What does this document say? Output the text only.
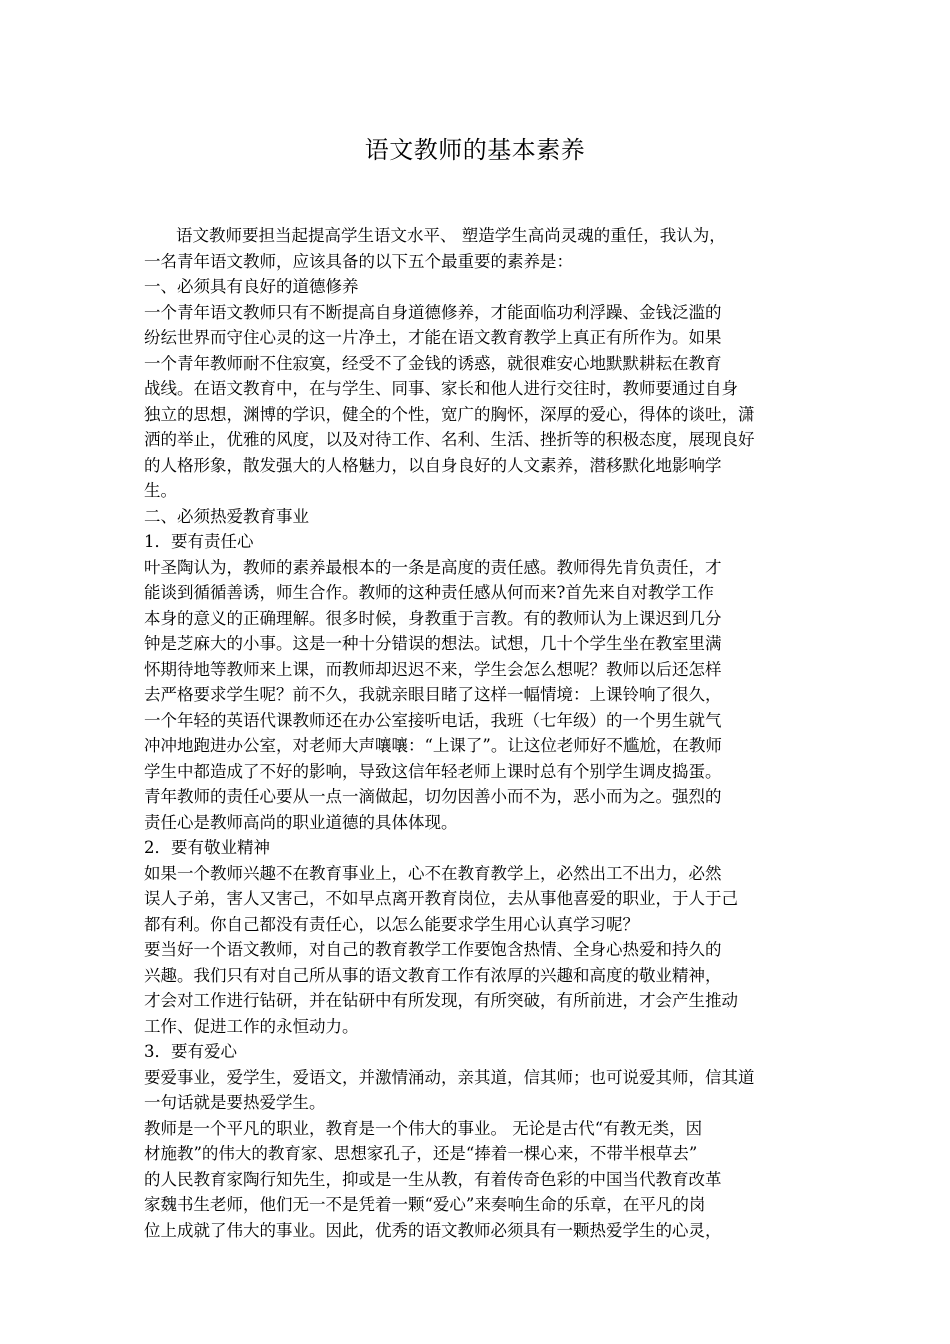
语文教师的基本素养
语文教师要担当起提高学生语文水平、 塑造学生高尚灵魂的重任，我认为，
一名青年语文教师，应该具备的以下五个最重要的素养是：
一、必须具有良好的道德修养
一个青年语文教师只有不断提高自身道德修养，才能面临功利浮躁、金钱泛滥的
纷纭世界而守住心灵的这一片净土，才能在语文教育教学上真正有所作为。如果
一个青年教师耐不住寂寞，经受不了金钱的诱惑，就很难安心地默默耕耘在教育
战线。在语文教育中，在与学生、同事、家长和他人进行交往时，教师要通过自身
独立的思想，渊博的学识，健全的个性，宽广的胸怀，深厚的爱心，得体的谈吐，潇
洒的举止，优雅的风度，以及对待工作、名利、生活、挫折等的积极态度，展现良好
的人格形象，散发强大的人格魅力，以自身良好的人文素养，潜移默化地影响学
生。
二、必须热爱教育事业
1．要有责任心
叶圣陶认为，教师的素养最根本的一条是高度的责任感。教师得先肯负责任，才
能谈到循循善诱，师生合作。教师的这种责任感从何而来?首先来自对教学工作
本身的意义的正确理解。很多时候，身教重于言教。有的教师认为上课迟到几分
钟是芝麻大的小事。这是一种十分错误的想法。试想，几十个学生坐在教室里满
怀期待地等教师来上课，而教师却迟迟不来，学生会怎么想呢？教师以后还怎样
去严格要求学生呢？前不久，我就亲眼目睹了这样一幅情境：上课铃响了很久，
一个年轻的英语代课教师还在办公室接听电话，我班（七年级）的一个男生就气
冲冲地跑进办公室，对老师大声嚷嚷：“上课了”。让这位老师好不尴尬，在教师
学生中都造成了不好的影响，导致这信年轻老师上课时总有个别学生调皮捣蛋。
青年教师的责任心要从一点一滴做起，切勿因善小而不为，恶小而为之。强烈的
责任心是教师高尚的职业道德的具体体现。
2．要有敬业精神
如果一个教师兴趣不在教育事业上，心不在教育教学上，必然出工不出力，必然
误人子弟，害人又害己，不如早点离开教育岗位，去从事他喜爱的职业，于人于己
都有利。你自己都没有责任心，以怎么能要求学生用心认真学习呢？
要当好一个语文教师，对自己的教育教学工作要饱含热情、全身心热爱和持久的
兴趣。我们只有对自己所从事的语文教育工作有浓厚的兴趣和高度的敬业精神，
才会对工作进行钻研，并在钻研中有所发现，有所突破，有所前进，才会产生推动
工作、促进工作的永恒动力。
3．要有爱心
要爱事业，爱学生，爱语文，并激情涌动，亲其道，信其师；也可说爱其师，信其道
一句话就是要热爱学生。
教师是一个平凡的职业，教育是一个伟大的事业。 无论是古代“有教无类，因
材施教”的伟大的教育家、思想家孔子，还是“捧着一棵心来，不带半根草去”
的人民教育家陶行知先生，抑或是一生从教，有着传奇色彩的中国当代教育改革
家魏书生老师，他们无一不是凭着一颗“爱心”来奏响生命的乐章，在平凡的岗
位上成就了伟大的事业。因此，优秀的语文教师必须具有一颗热爱学生的心灵，
